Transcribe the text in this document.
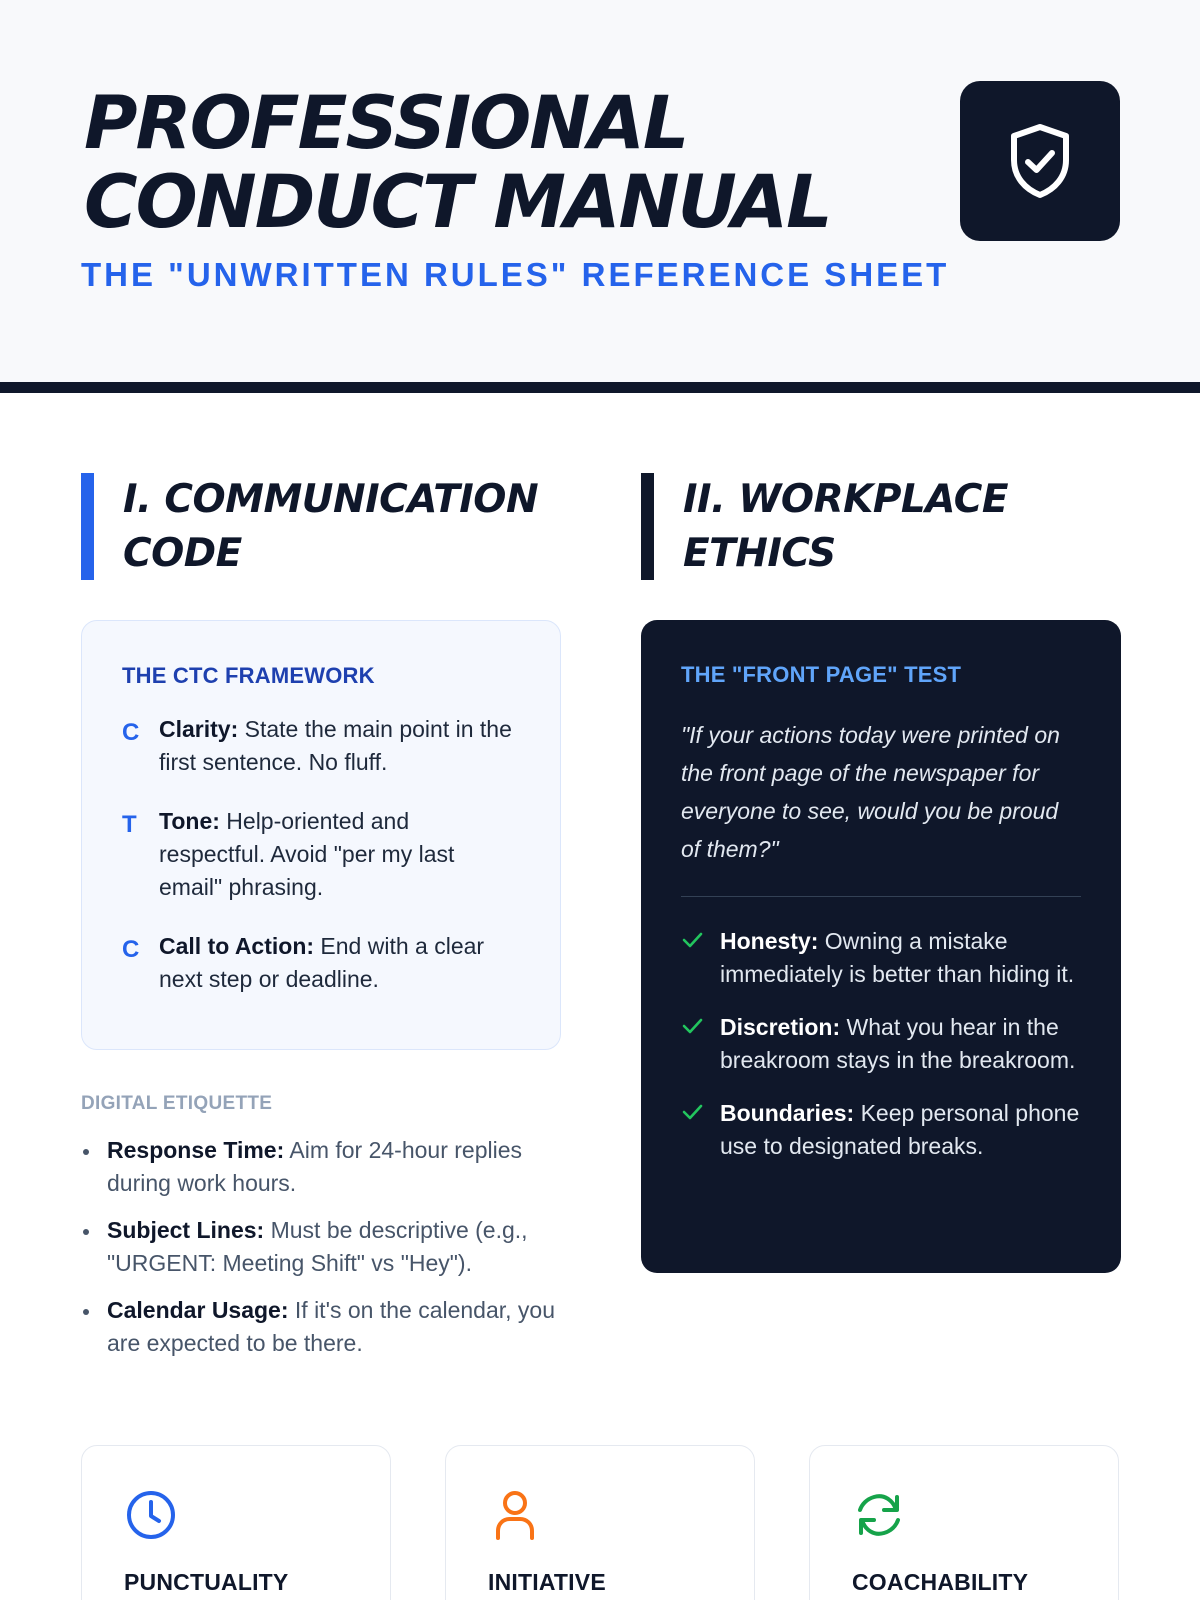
PROFESSIONAL
CONDUCT MANUAL
THE "UNWRITTEN RULES" REFERENCE SHEET
I. COMMUNICATION
CODE
II. WORKPLACE
ETHICS
THE CTC FRAMEWORK
C Clarity: State the main point in the first sentence. No fluff.

T Tone: Help-oriented and respectful. Avoid "per my last email" phrasing.

C Call to Action: End with a clear next step or deadline.

DIGITAL ETIQUETTE
Response Time: Aim for 24-hour replies during work hours.
Subject Lines: Must be descriptive (e.g., "URGENT: Meeting Shift" vs "Hey").
Calendar Usage: If it's on the calendar, you are expected to be there.
THE "FRONT PAGE" TEST

"If your actions today were printed on the front page of the newspaper for everyone to see, would you be proud of them?"

Honesty: Owning a mistake immediately is better than hiding it.

Discretion: What you hear in the breakroom stays in the breakroom.

Boundaries: Keep personal phone use to designated breaks.

PUNCTUALITY	INITIATIVE	COACHABILITY
